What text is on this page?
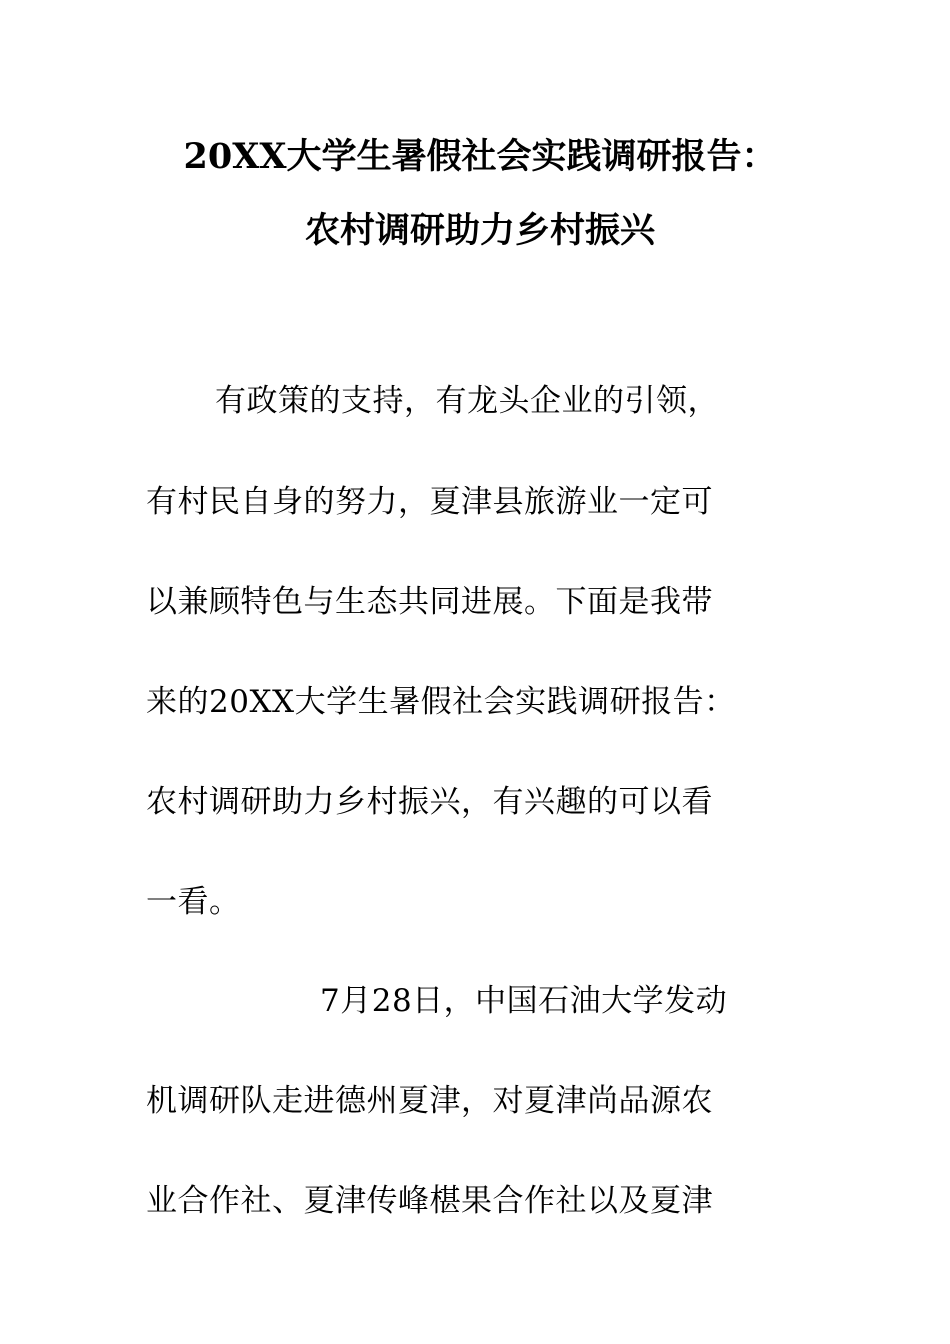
20XX大学生暑假社会实践调研报告：
农村调研助力乡村振兴
有政策的支持，有龙头企业的引领，
有村民自身的努力，夏津县旅游业一定可
以兼顾特色与生态共同进展。下面是我带
来的20XX大学生暑假社会实践调研报告：
农村调研助力乡村振兴，有兴趣的可以看
一看。
7月28日，中国石油大学发动
机调研队走进德州夏津，对夏津尚品源农
业合作社、夏津传峰椹果合作社以及夏津
